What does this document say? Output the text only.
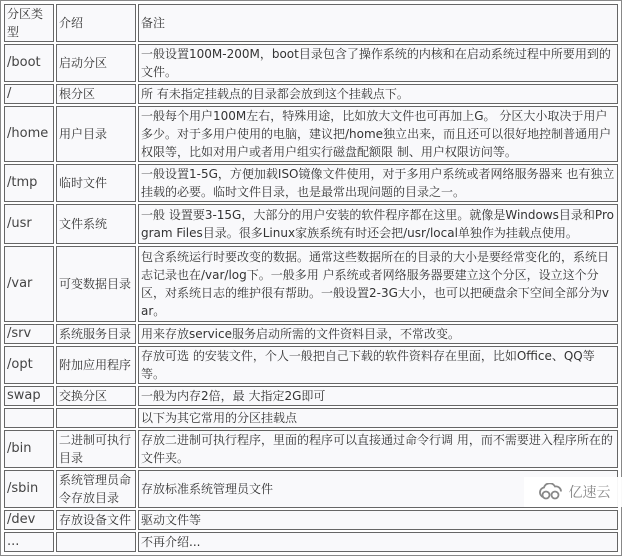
分区类型	介绍	备注
/boot	启动分区	一般设置100M-200M，boot目录包含了操作系统的内核和在启动系统过程中所要用到的文件。
/	根分区	所 有未指定挂载点的目录都会放到这个挂载点下。
/home	用户目录	一般每个用户100M左右，特殊用途，比如放大文件也可再加上G。 分区大小取决于用户多少。对于多用户使用的电脑，建议把/home独立出来，而且还可以很好地控制普通用户权限等，比如对用户或者用户组实行磁盘配额限 制、用户权限访问等。
/tmp	临时文件	一般设置1-5G，方便加载ISO镜像文件使用，对于多用户系统或者网络服务器来 也有独立挂载的必要。临时文件目录，也是最常出现问题的目录之一。
/usr	文件系统	一般 设置要3-15G，大部分的用户安装的软件程序都在这里。就像是Windows目录和Program Files目录。很多Linux家族系统有时还会把/usr/local单独作为挂载点使用。
/var	可变数据目录	包含系统运行时要改变的数据。通常这些数据所在的目录的大小是要经常变化的，系统日志记录也在/var/log下。一般多用 户系统或者网络服务器要建立这个分区，设立这个分区，对系统日志的维护很有帮助。一般设置2-3G大小，也可以把硬盘余下空间全部分为var。
/srv	系统服务目录	用来存放service服务启动所需的文件资料目录，不常改变。
/opt	附加应用程序	存放可选 的安装文件，个人一般把自己下载的软件资料存在里面，比如Office、QQ等等。
swap	交换分区	一般为内存2倍，最 大指定2G即可
		以下为其它常用的分区挂载点
/bin	二进制可执行目录	存放二进制可执行程序，里面的程序可以直接通过命令行调 用，而不需要进入程序所在的文件夹。
/sbin	系统管理员命令存放目录	存放标准系统管理员文件
/dev	存放设备文件	驱动文件等
...		不再介绍...
亿速云
